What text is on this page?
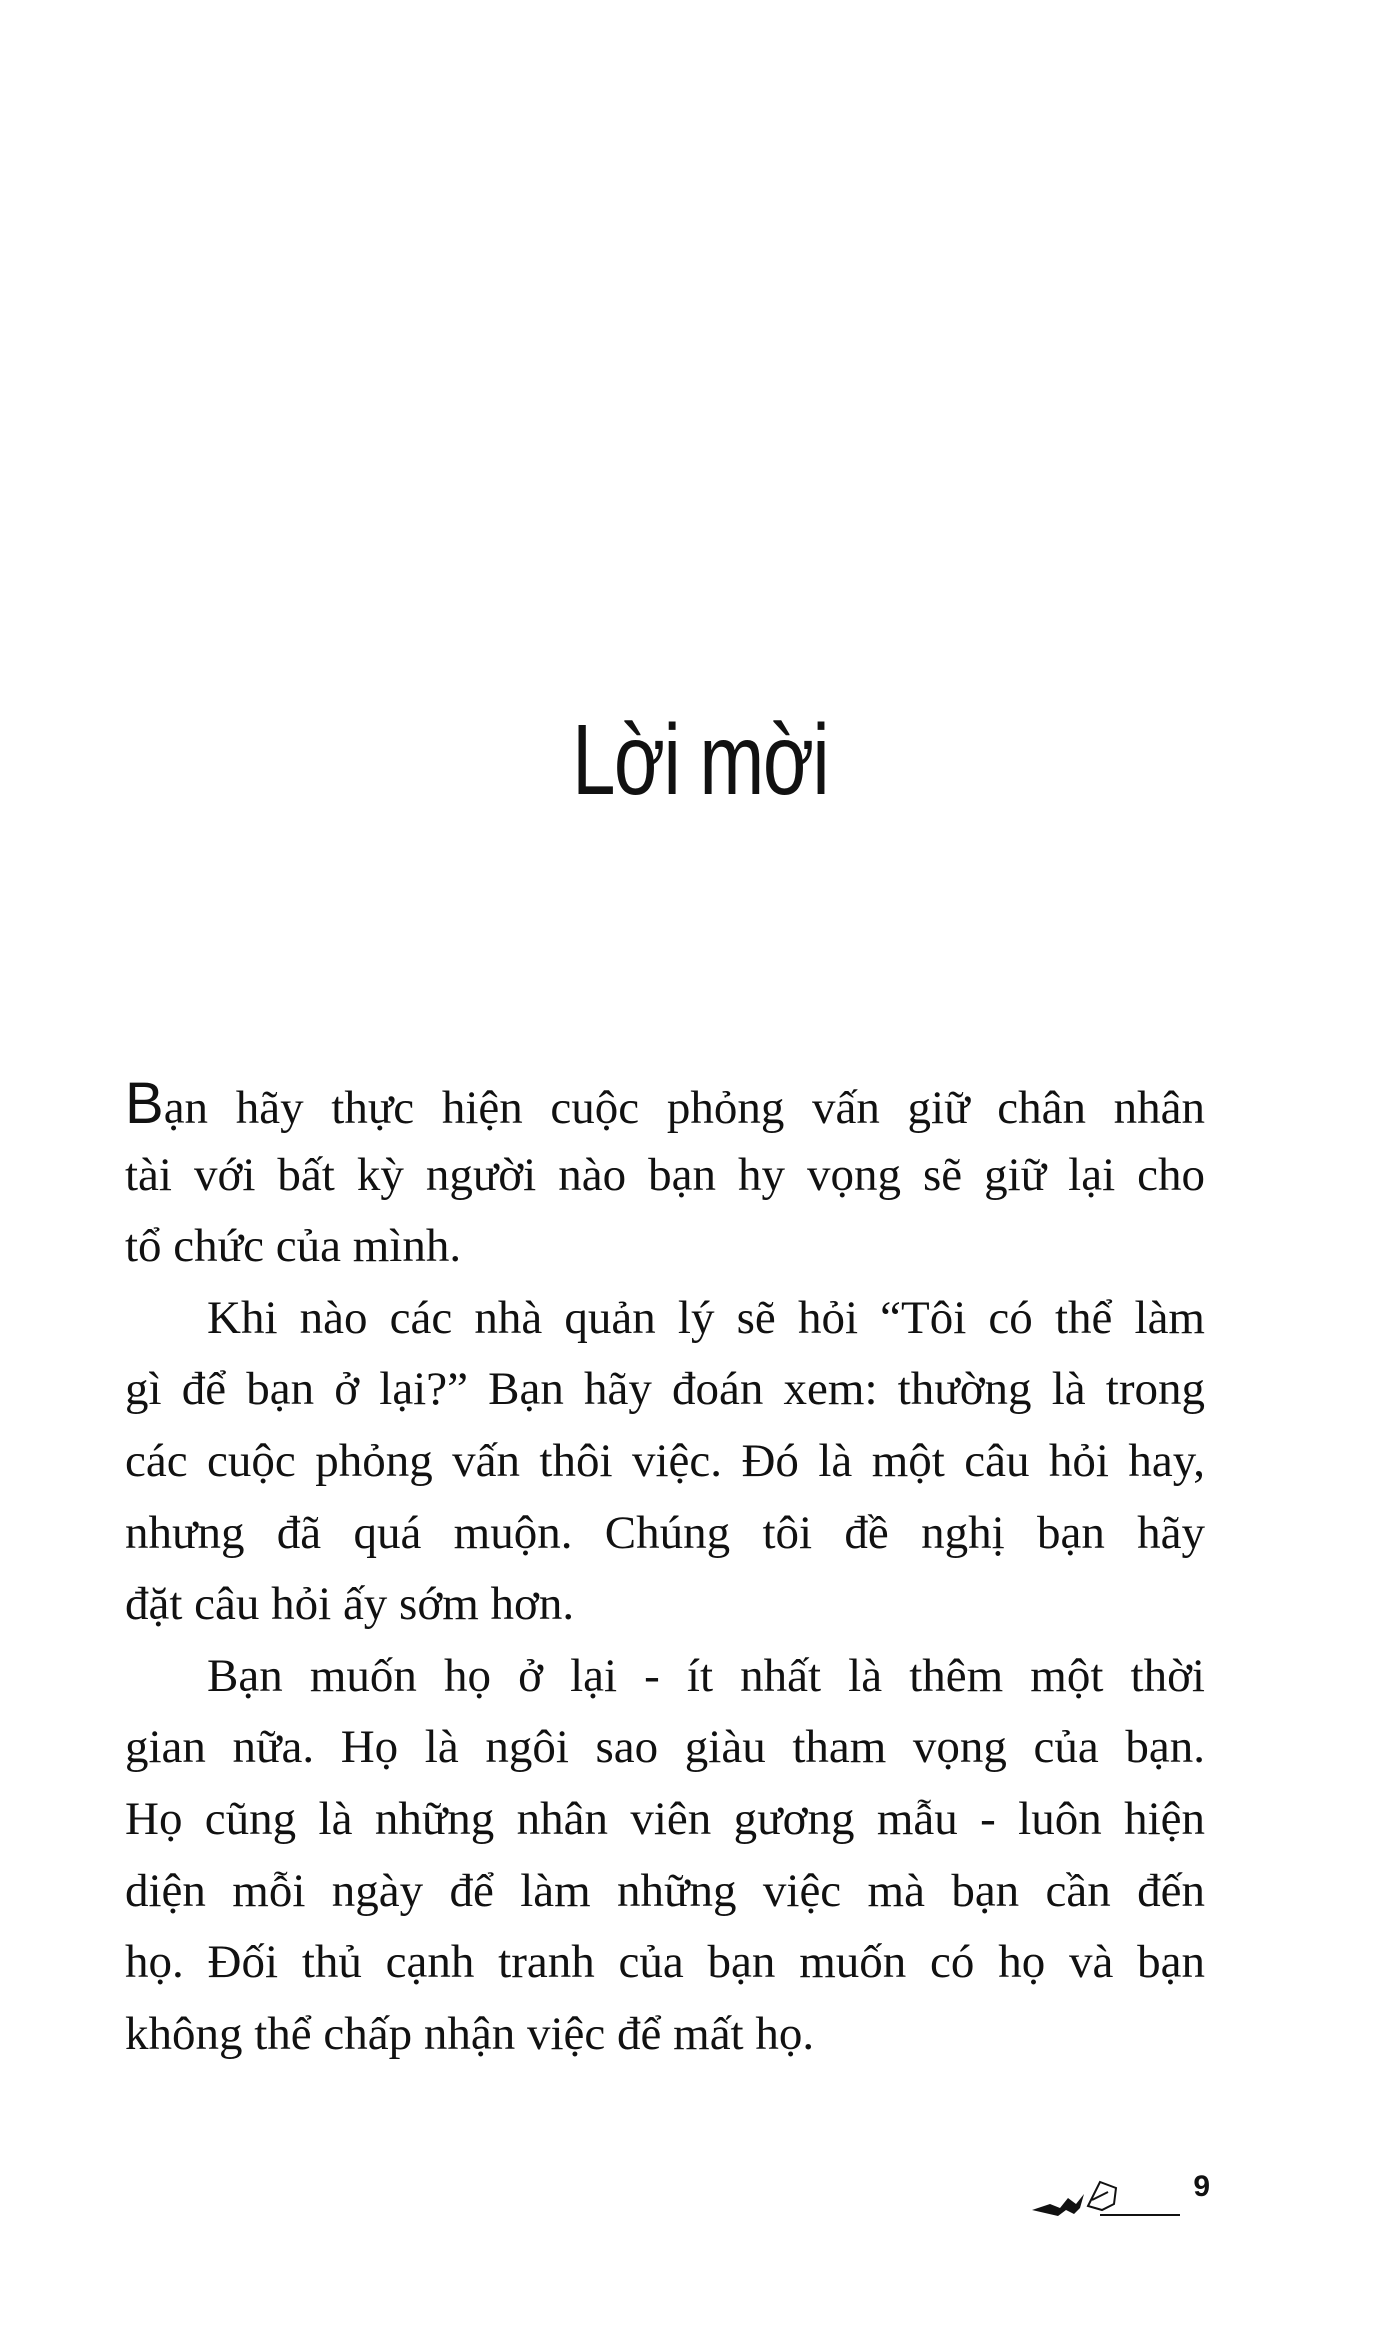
Lời mời
Bạn hãy thực hiện cuộc phỏng vấn giữ chân nhân
tài với bất kỳ người nào bạn hy vọng sẽ giữ lại cho
tổ chức của mình.
Khi nào các nhà quản lý sẽ hỏi “Tôi có thể làm
gì để bạn ở lại?” Bạn hãy đoán xem: thường là trong
các cuộc phỏng vấn thôi việc. Đó là một câu hỏi hay,
nhưng đã quá muộn. Chúng tôi đề nghị bạn hãy
đặt câu hỏi ấy sớm hơn.
Bạn muốn họ ở lại - ít nhất là thêm một thời
gian nữa. Họ là ngôi sao giàu tham vọng của bạn.
Họ cũng là những nhân viên gương mẫu - luôn hiện
diện mỗi ngày để làm những việc mà bạn cần đến
họ. Đối thủ cạnh tranh của bạn muốn có họ và bạn
không thể chấp nhận việc để mất họ.
9
